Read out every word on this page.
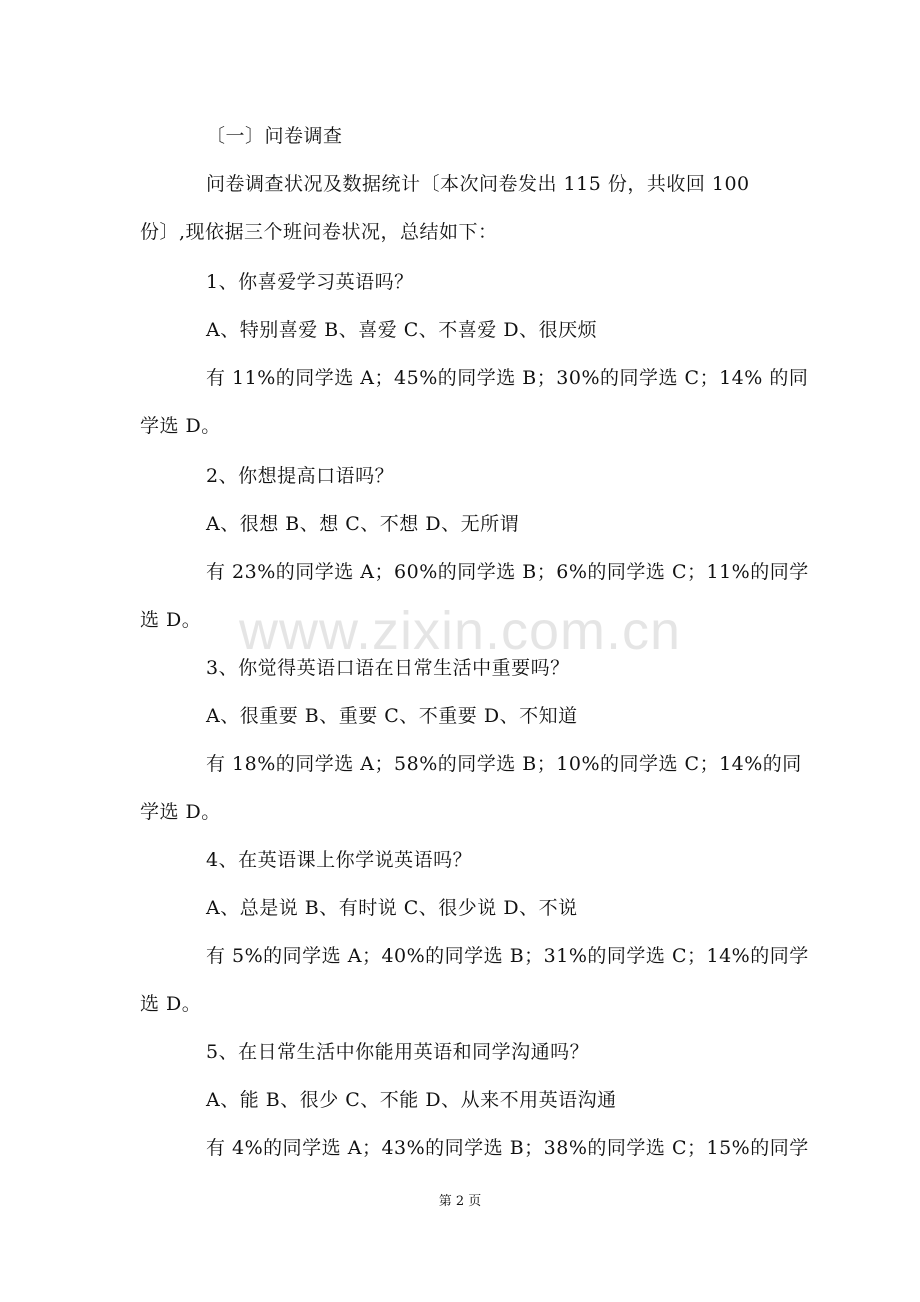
〔一〕问卷调查
问卷调查状况及数据统计〔本次问卷发出 115 份，共收回 100
份〕,现依据三个班问卷状况，总结如下：
1、你喜爱学习英语吗？
A、特别喜爱 B、喜爱 C、不喜爱 D、很厌烦
有 11%的同学选 A；45%的同学选 B；30%的同学选 C；14% 的同
学选 D。
2、你想提高口语吗？
A、很想 B、想 C、不想 D、无所谓
有 23%的同学选 A；60%的同学选 B；6%的同学选 C；11%的同学
选 D。
3、你觉得英语口语在日常生活中重要吗？
A、很重要 B、重要 C、不重要 D、不知道
有 18%的同学选 A；58%的同学选 B；10%的同学选 C；14%的同
学选 D。
4、在英语课上你学说英语吗？
A、总是说 B、有时说 C、很少说 D、不说
有 5%的同学选 A；40%的同学选 B；31%的同学选 C；14%的同学
选 D。
5、在日常生活中你能用英语和同学沟通吗？
A、能 B、很少 C、不能 D、从来不用英语沟通
有 4%的同学选 A；43%的同学选 B；38%的同学选 C；15%的同学
www.zixin.com.cn
第 2 页
